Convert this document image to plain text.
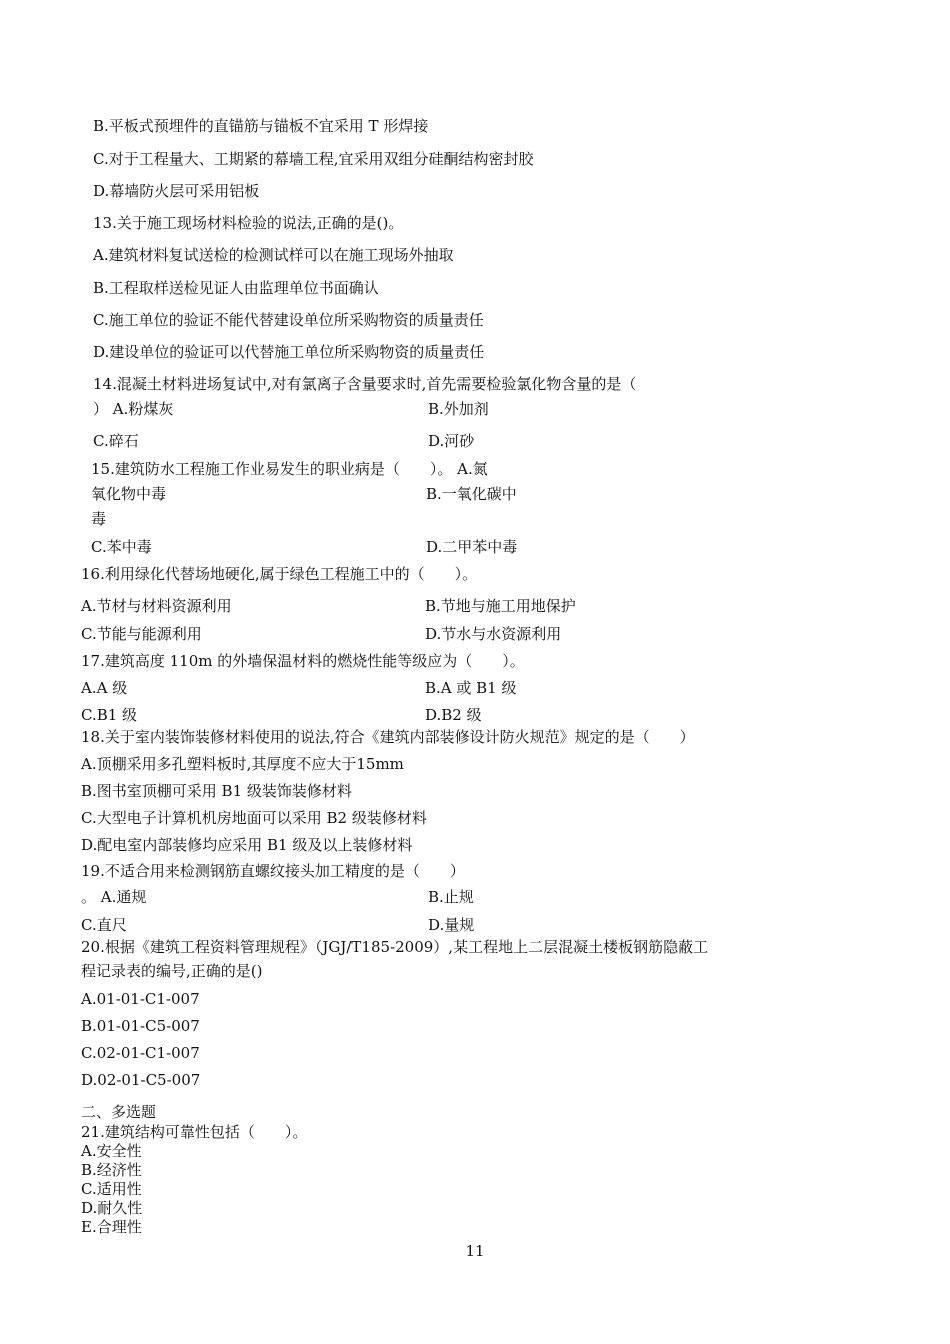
B.平板式预埋件的直锚筋与锚板不宜采用 T 形焊接
C.对于工程量大、工期紧的幕墙工程,宜采用双组分硅酮结构密封胶
D.幕墙防火层可采用铝板
13.关于施工现场材料检验的说法,正确的是()。
A.建筑材料复试送检的检测试样可以在施工现场外抽取
B.工程取样送检见证人由监理单位书面确认
C.施工单位的验证不能代替建设单位所采购物资的质量责任
D.建设单位的验证可以代替施工单位所采购物资的质量责任
14.混凝土材料进场复试中,对有氯离子含量要求时,首先需要检验氯化物含量的是（
） A.粉煤灰	B.外加剂
C.碎石	D.河砂
15.建筑防水工程施工作业易发生的职业病是（　　）。 A.氮
氧化物中毒	B.一氧化碳中
毒
C.苯中毒	D.二甲苯中毒
16.利用绿化代替场地硬化,属于绿色工程施工中的（　　）。
A.节材与材料资源利用	B.节地与施工用地保护
C.节能与能源利用	D.节水与水资源利用
17.建筑高度 110m 的外墙保温材料的燃烧性能等级应为（　　）。
A.A 级	B.A 或 B1 级
C.B1 级	D.B2 级
18.关于室内装饰装修材料使用的说法,符合《建筑内部装修设计防火规范》规定的是（　　）
A.顶棚采用多孔塑料板时,其厚度不应大于15mm
B.图书室顶棚可采用 B1 级装饰装修材料
C.大型电子计算机机房地面可以采用 B2 级装修材料
D.配电室内部装修均应采用 B1 级及以上装修材料
19.不适合用来检测钢筋直螺纹接头加工精度的是（　　）
。 A.通规	B.止规
C.直尺	D.量规
20.根据《建筑工程资料管理规程》（JGJ/T185-2009）,某工程地上二层混凝土楼板钢筋隐蔽工
程记录表的编号,正确的是()
A.01-01-C1-007
B.01-01-C5-007
C.02-01-C1-007
D.02-01-C5-007
二、多选题
21.建筑结构可靠性包括（　　）。
A.安全性
B.经济性
C.适用性
D.耐久性
E.合理性
11
